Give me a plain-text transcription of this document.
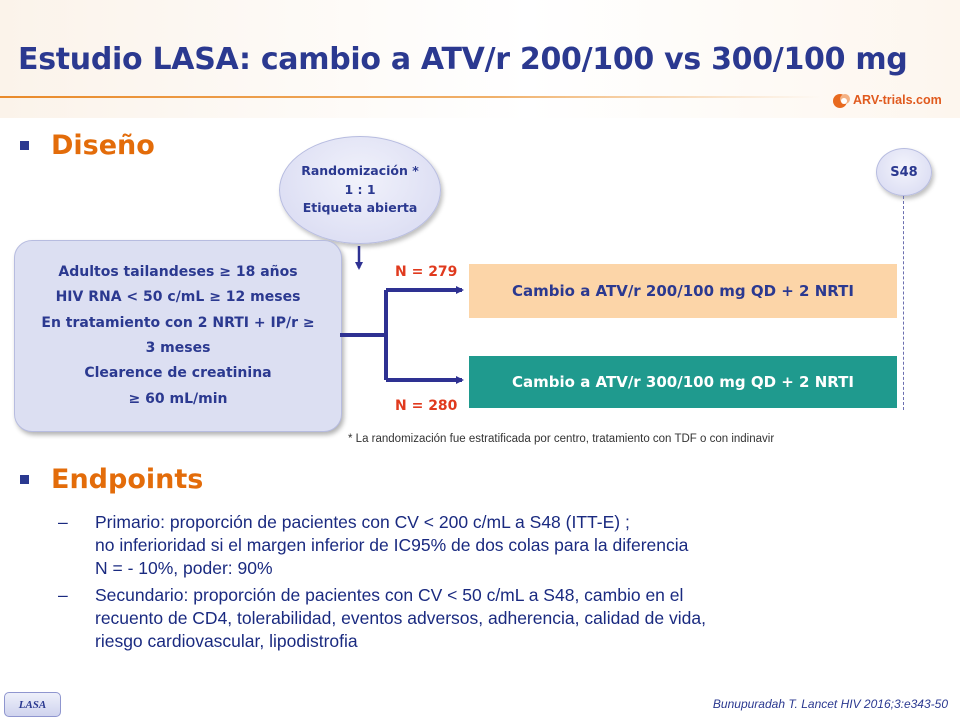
Estudio LASA: cambio a ATV/r 200/100 vs 300/100 mg
ARV-trials.com
Diseño
Randomización *
1 : 1
Etiqueta abierta
S48
Adultos tailandeses ≥ 18 años
HIV RNA < 50 c/mL ≥ 12 meses
En tratamiento con 2 NRTI + IP/r ≥
3 meses
Clearence de creatinina
≥ 60 mL/min
N = 279
N = 280
Cambio a ATV/r 200/100 mg QD + 2 NRTI
Cambio a ATV/r 300/100 mg QD + 2 NRTI
* La randomización fue estratificada por centro, tratamiento con TDF o con indinavir
Endpoints
–	Primario: proporción de pacientes con CV < 200 c/mL a S48 (ITT-E) ;
no inferioridad si el margen inferior de IC95% de dos colas para la diferencia
N = - 10%, poder: 90%
–	Secundario: proporción de pacientes con CV < 50 c/mL a S48, cambio en el
recuento de CD4, tolerabilidad, eventos adversos, adherencia, calidad de vida,
riesgo cardiovascular, lipodistrofia
LASA	Bunupuradah T. Lancet HIV 2016;3:e343-50
